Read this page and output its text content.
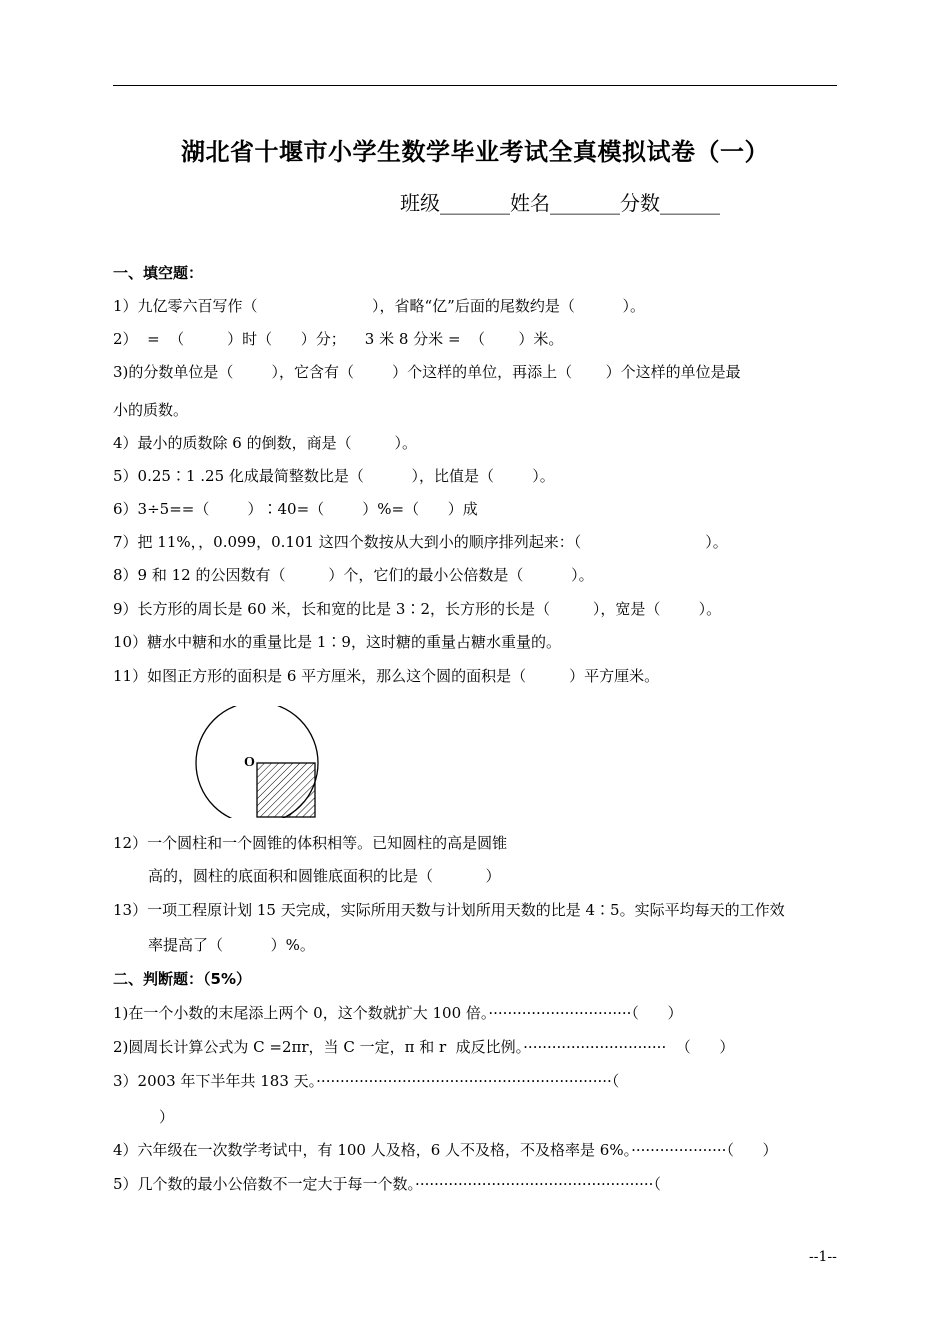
湖北省十堰市小学生数学毕业考试全真模拟试卷（一）
班级_______姓名_______分数______
一、填空题：
1）九亿零六百写作（                        ），省略“亿”后面的尾数约是（          ）。
2）  =  （         ）时（      ）分；    3 米 8 分米 =  （       ）米。
3)的分数单位是（        ），它含有（        ）个这样的单位，再添上（       ）个这样的单位是最
小的质数。
4）最小的质数除 6 的倒数，商是（         ）。
5）0.25∶1 .25 化成最简整数比是（          ），比值是（        ）。
6）3÷5==（        ）∶40=（        ）%=（      ）成
7）把 11%，，0.099，0.101 这四个数按从大到小的顺序排列起来：（                          ）。
8）9 和 12 的公因数有（         ）个，它们的最小公倍数是（          ）。
9）长方形的周长是 60 米，长和宽的比是 3∶2，长方形的长是（         ），宽是（        ）。
10）糖水中糖和水的重量比是 1∶9，这时糖的重量占糖水重量的。
11）如图正方形的面积是 6 平方厘米，那么这个圆的面积是（         ）平方厘米。
O
12）一个圆柱和一个圆锥的体积相等。已知圆柱的高是圆锥
高的，圆柱的底面积和圆锥底面积的比是（           ）
13）一项工程原计划 15 天完成，实际所用天数与计划所用天数的比是 4∶5。实际平均每天的工作效
率提高了（          ）%。
二、判断题：（5%）
1)在一个小数的末尾添上两个 0，这个数就扩大 100 倍。······························（      ）
2)圆周长计算公式为 C =2πr，当 C 一定，π 和 r  成反比例。······························  （      ）
3）2003 年下半年共 183 天。······························································（
）
4）六年级在一次数学考试中，有 100 人及格，6 人不及格，不及格率是 6%。····················（      ）
5）几个数的最小公倍数不一定大于每一个数。··················································（
--1--
